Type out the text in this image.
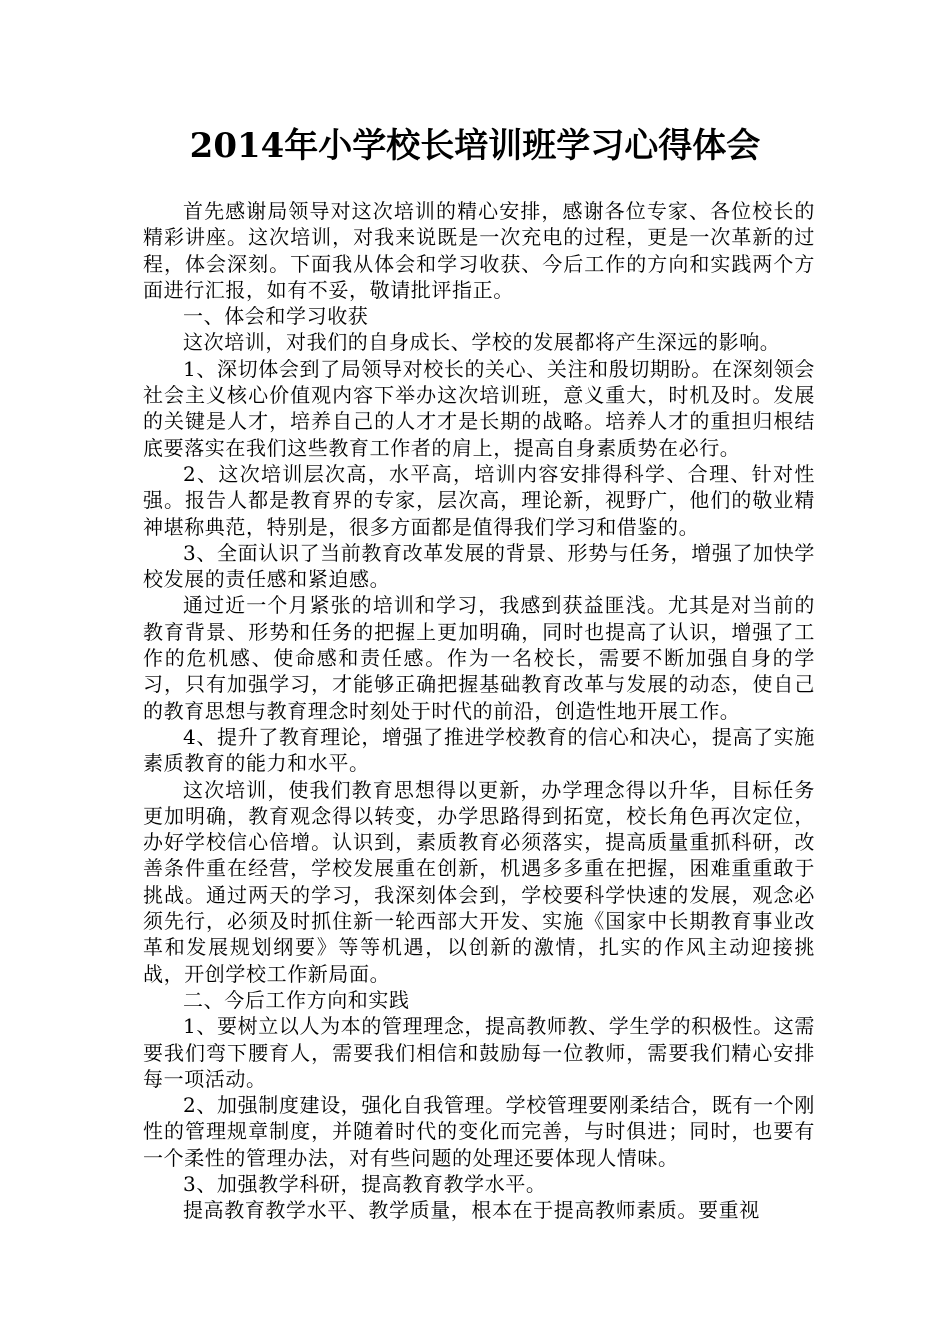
2014年小学校长培训班学习心得体会

首先感谢局领导对这次培训的精心安排，感谢各位专家、各位校长的精彩讲座。这次培训，对我来说既是一次充电的过程，更是一次革新的过程，体会深刻。下面我从体会和学习收获、今后工作的方向和实践两个方面进行汇报，如有不妥，敬请批评指正。

一、体会和学习收获

这次培训，对我们的自身成长、学校的发展都将产生深远的影响。

1、深切体会到了局领导对校长的关心、关注和殷切期盼。在深刻领会社会主义核心价值观内容下举办这次培训班，意义重大，时机及时。发展的关键是人才，培养自己的人才才是长期的战略。培养人才的重担归根结底要落实在我们这些教育工作者的肩上，提高自身素质势在必行。

2、这次培训层次高，水平高，培训内容安排得科学、合理、针对性强。报告人都是教育界的专家，层次高，理论新，视野广，他们的敬业精神堪称典范，特别是，很多方面都是值得我们学习和借鉴的。

3、全面认识了当前教育改革发展的背景、形势与任务，增强了加快学校发展的责任感和紧迫感。

通过近一个月紧张的培训和学习，我感到获益匪浅。尤其是对当前的教育背景、形势和任务的把握上更加明确，同时也提高了认识，增强了工作的危机感、使命感和责任感。作为一名校长，需要不断加强自身的学习，只有加强学习，才能够正确把握基础教育改革与发展的动态，使自己的教育思想与教育理念时刻处于时代的前沿，创造性地开展工作。

4、提升了教育理论，增强了推进学校教育的信心和决心，提高了实施素质教育的能力和水平。

这次培训，使我们教育思想得以更新，办学理念得以升华，目标任务更加明确，教育观念得以转变，办学思路得到拓宽，校长角色再次定位，办好学校信心倍增。认识到，素质教育必须落实，提高质量重抓科研，改善条件重在经营，学校发展重在创新，机遇多多重在把握，困难重重敢于挑战。通过两天的学习，我深刻体会到，学校要科学快速的发展，观念必须先行，必须及时抓住新一轮西部大开发、实施《国家中长期教育事业改革和发展规划纲要》等等机遇，以创新的激情，扎实的作风主动迎接挑战，开创学校工作新局面。

二、今后工作方向和实践

1、要树立以人为本的管理理念，提高教师教、学生学的积极性。这需要我们弯下腰育人，需要我们相信和鼓励每一位教师，需要我们精心安排每一项活动。

2、加强制度建设，强化自我管理。学校管理要刚柔结合，既有一个刚性的管理规章制度，并随着时代的变化而完善，与时俱进；同时，也要有一个柔性的管理办法，对有些问题的处理还要体现人情味。

3、加强教学科研，提高教育教学水平。

提高教育教学水平、教学质量，根本在于提高教师素质。要重视
